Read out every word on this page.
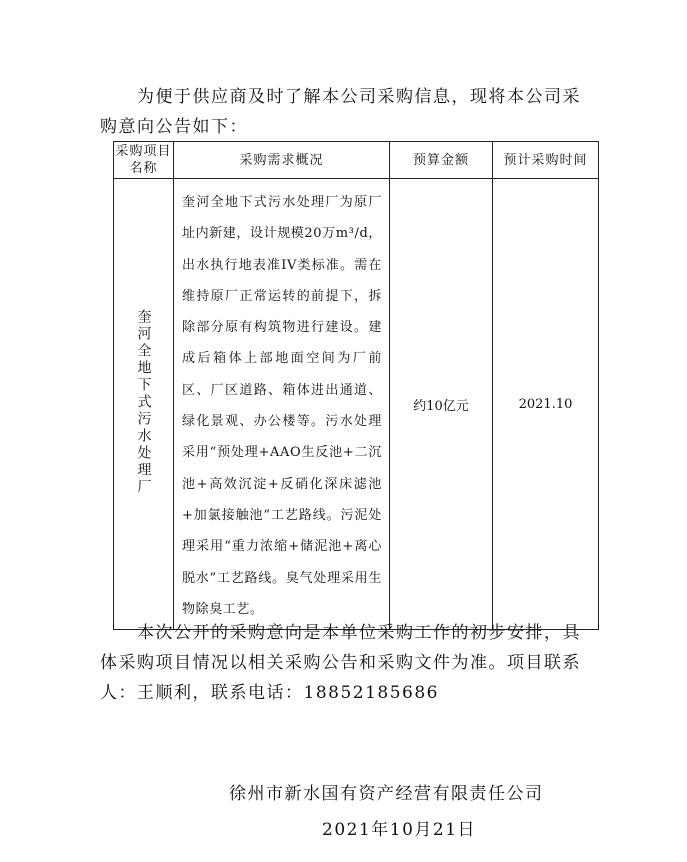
为便于供应商及时了解本公司采购信息，现将本公司采
购意向公告如下：
采购项目名称	采购需求概况	预算金额	预计采购时间
奎河全地下式污水处理厂	奎河全地下式污水处理厂为原厂址内新建，设计规模20万m³/d，出水执行地表准IV类标准。需在维持原厂正常运转的前提下，拆除部分原有构筑物进行建设。建成后箱体上部地面空间为厂前区、厂区道路、箱体进出通道、绿化景观、办公楼等。污水处理采用“预处理+AAO生反池+二沉池+高效沉淀+反硝化深床滤池+加氯接触池”工艺路线。污泥处理采用“重力浓缩+储泥池+离心脱水”工艺路线。臭气处理采用生物除臭工艺。	约10亿元	2021.10
本次公开的采购意向是本单位采购工作的初步安排，具
体采购项目情况以相关采购公告和采购文件为准。项目联系
人：王顺利，联系电话：18852185686
徐州市新水国有资产经营有限责任公司
2021年10月21日
